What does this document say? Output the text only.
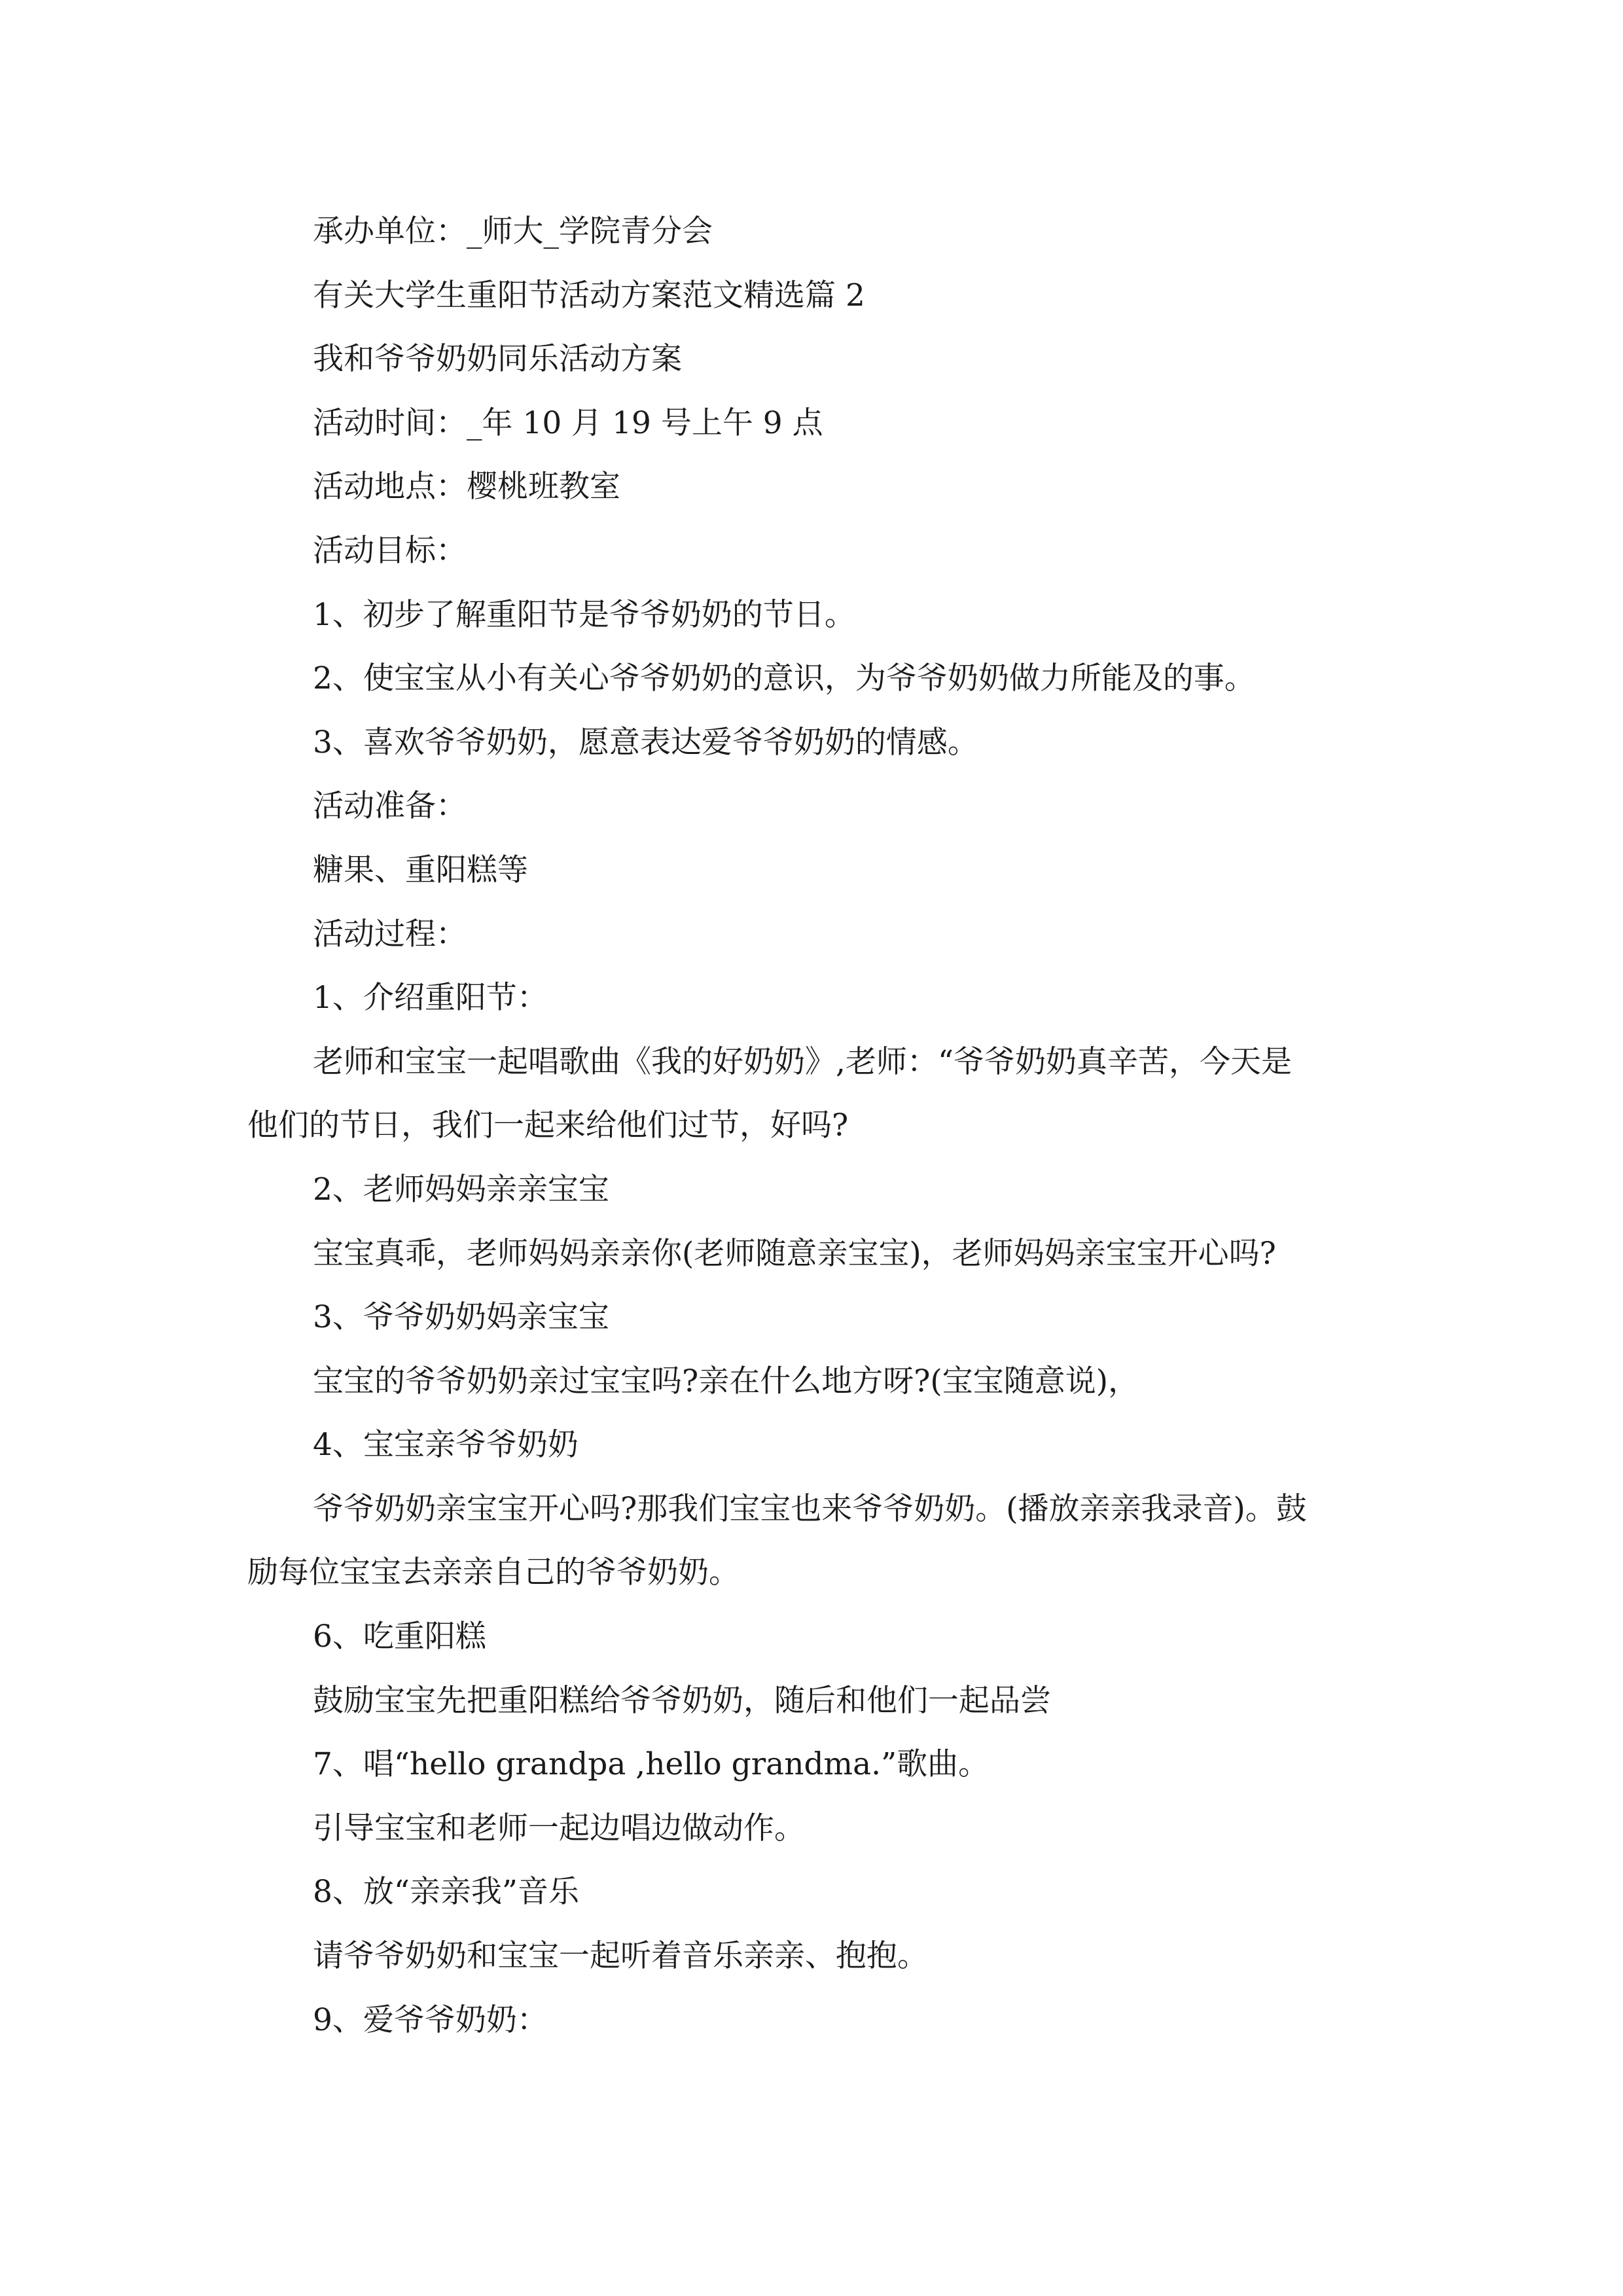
承办单位：_师大_学院青分会

有关大学生重阳节活动方案范文精选篇 2

我和爷爷奶奶同乐活动方案

活动时间：_年 10 月 19 号上午 9 点

活动地点：樱桃班教室

活动目标：

1、初步了解重阳节是爷爷奶奶的节日。

2、使宝宝从小有关心爷爷奶奶的意识，为爷爷奶奶做力所能及的事。

3、喜欢爷爷奶奶，愿意表达爱爷爷奶奶的情感。

活动准备：

糖果、重阳糕等

活动过程：

1、介绍重阳节：

老师和宝宝一起唱歌曲《我的好奶奶》,老师：“爷爷奶奶真辛苦，今天是

他们的节日，我们一起来给他们过节，好吗?

2、老师妈妈亲亲宝宝

宝宝真乖，老师妈妈亲亲你(老师随意亲宝宝)，老师妈妈亲宝宝开心吗?

3、爷爷奶奶妈亲宝宝

宝宝的爷爷奶奶亲过宝宝吗?亲在什么地方呀?(宝宝随意说)，

4、宝宝亲爷爷奶奶

爷爷奶奶亲宝宝开心吗?那我们宝宝也来爷爷奶奶。(播放亲亲我录音)。鼓

励每位宝宝去亲亲自己的爷爷奶奶。

6、吃重阳糕

鼓励宝宝先把重阳糕给爷爷奶奶，随后和他们一起品尝

7、唱“hello grandpa ,hello grandma.”歌曲。

引导宝宝和老师一起边唱边做动作。

8、放“亲亲我”音乐

请爷爷奶奶和宝宝一起听着音乐亲亲、抱抱。

9、爱爷爷奶奶：
